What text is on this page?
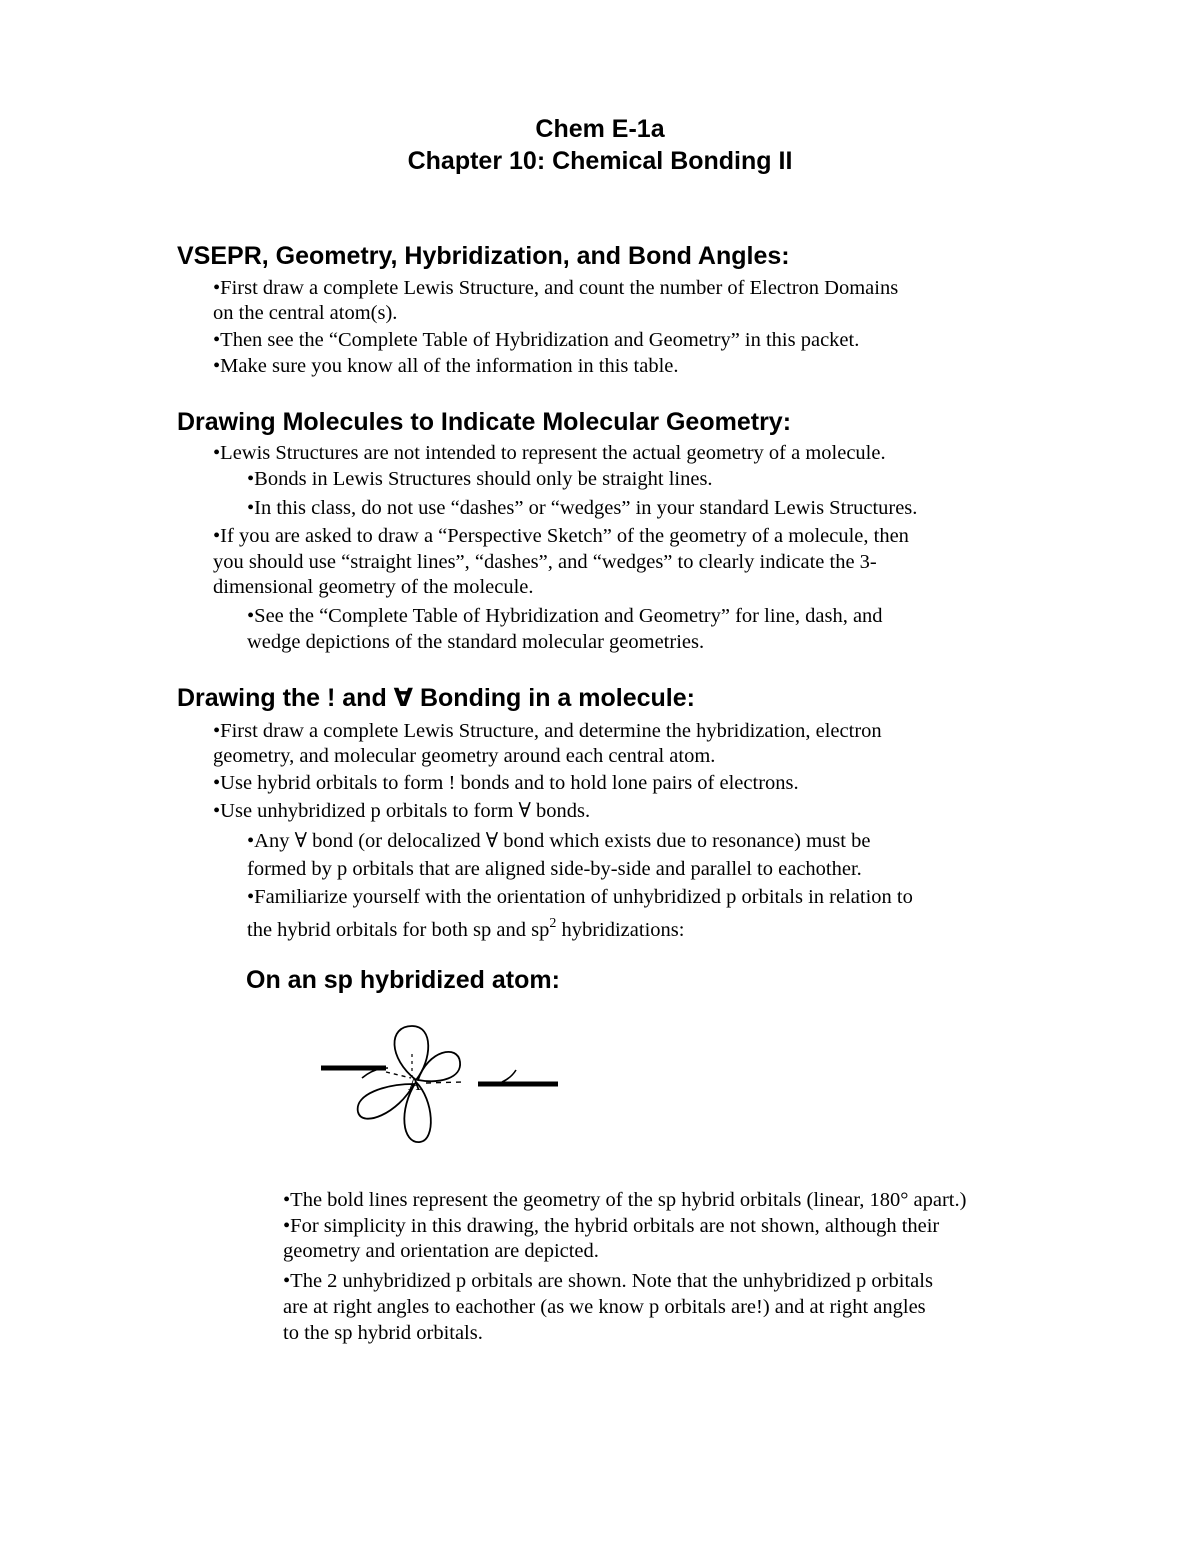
Chem E-1a
Chapter 10: Chemical Bonding II
VSEPR, Geometry, Hybridization, and Bond Angles:
•First draw a complete Lewis Structure, and count the number of Electron Domains
on the central atom(s).
•Then see the “Complete Table of Hybridization and Geometry” in this packet.
•Make sure you know all of the information in this table.
Drawing Molecules to Indicate Molecular Geometry:
•Lewis Structures are not intended to represent the actual geometry of a molecule.
•Bonds in Lewis Structures should only be straight lines.
•In this class, do not use “dashes” or “wedges” in your standard Lewis Structures.
•If you are asked to draw a “Perspective Sketch” of the geometry of a molecule, then
you should use “straight lines”, “dashes”, and “wedges” to clearly indicate the 3-
dimensional geometry of the molecule.
•See the “Complete Table of Hybridization and Geometry” for line, dash, and
wedge depictions of the standard molecular geometries.
Drawing the ! and ∀ Bonding in a molecule:
•First draw a complete Lewis Structure, and determine the hybridization, electron
geometry, and molecular geometry around each central atom.
•Use hybrid orbitals to form ! bonds and to hold lone pairs of electrons.
•Use unhybridized p orbitals to form ∀ bonds.
•Any ∀ bond (or delocalized ∀ bond which exists due to resonance) must be
formed by p orbitals that are aligned side-by-side and parallel to eachother.
•Familiarize yourself with the orientation of unhybridized p orbitals in relation to
the hybrid orbitals for both sp and $sp^2$ hybridizations:
On an sp hybridized atom:
A
•The bold lines represent the geometry of the sp hybrid orbitals (linear, 180° apart.)
•For simplicity in this drawing, the hybrid orbitals are not shown, although their
geometry and orientation are depicted.
•The 2 unhybridized p orbitals are shown. Note that the unhybridized p orbitals
are at right angles to eachother (as we know p orbitals are!) and at right angles
to the sp hybrid orbitals.
